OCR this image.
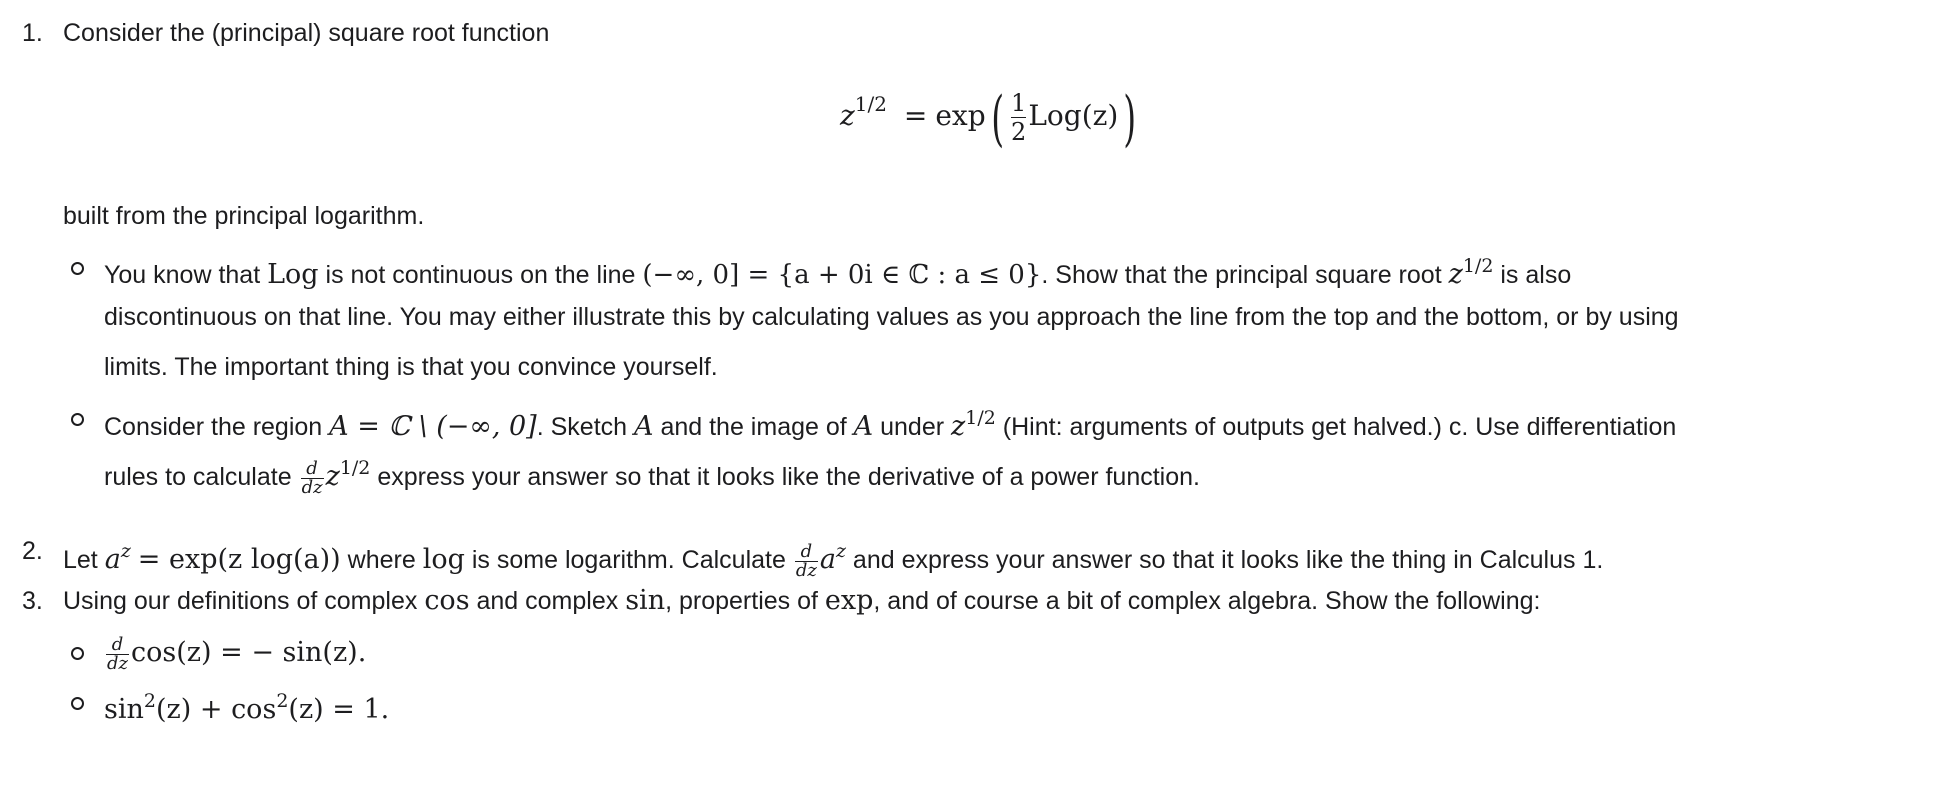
1. Consider the (principal) square root function
$z^{1/2} = \exp( \frac{1}{2} Log(z))$
built from the principal logarithm.
You know that Log is not continuous on the line (−∞, 0] = {a + 0i ∈ ℂ : a ≤ 0}. Show that the principal square root $z^{1/2}$ is also
discontinuous on that line. You may either illustrate this by calculating values as you approach the line from the top and the bottom, or by using
limits. The important thing is that you convince yourself.
Consider the region A = ℂ \ (−∞, 0]. Sketch A and the image of A under $z^{1/2}$ (Hint: arguments of outputs get halved.) c. Use differentiation
rules to calculate $\frac{d}{dz} z^{1/2}$ express your answer so that it looks like the derivative of a power function.
2. Let $a^z = \exp(z$ log(a)) where log is some logarithm. Calculate $\frac{d}{dz} a^z$ and express your answer so that it looks like the thing in Calculus 1.
3. Using our definitions of complex cos and complex sin, properties of exp, and of course a bit of complex algebra. Show the following:
$\frac{d}{dz} \cos(z)$ = − sin(z).
$\sin^2(z) + \cos^2(z) = 1$.
